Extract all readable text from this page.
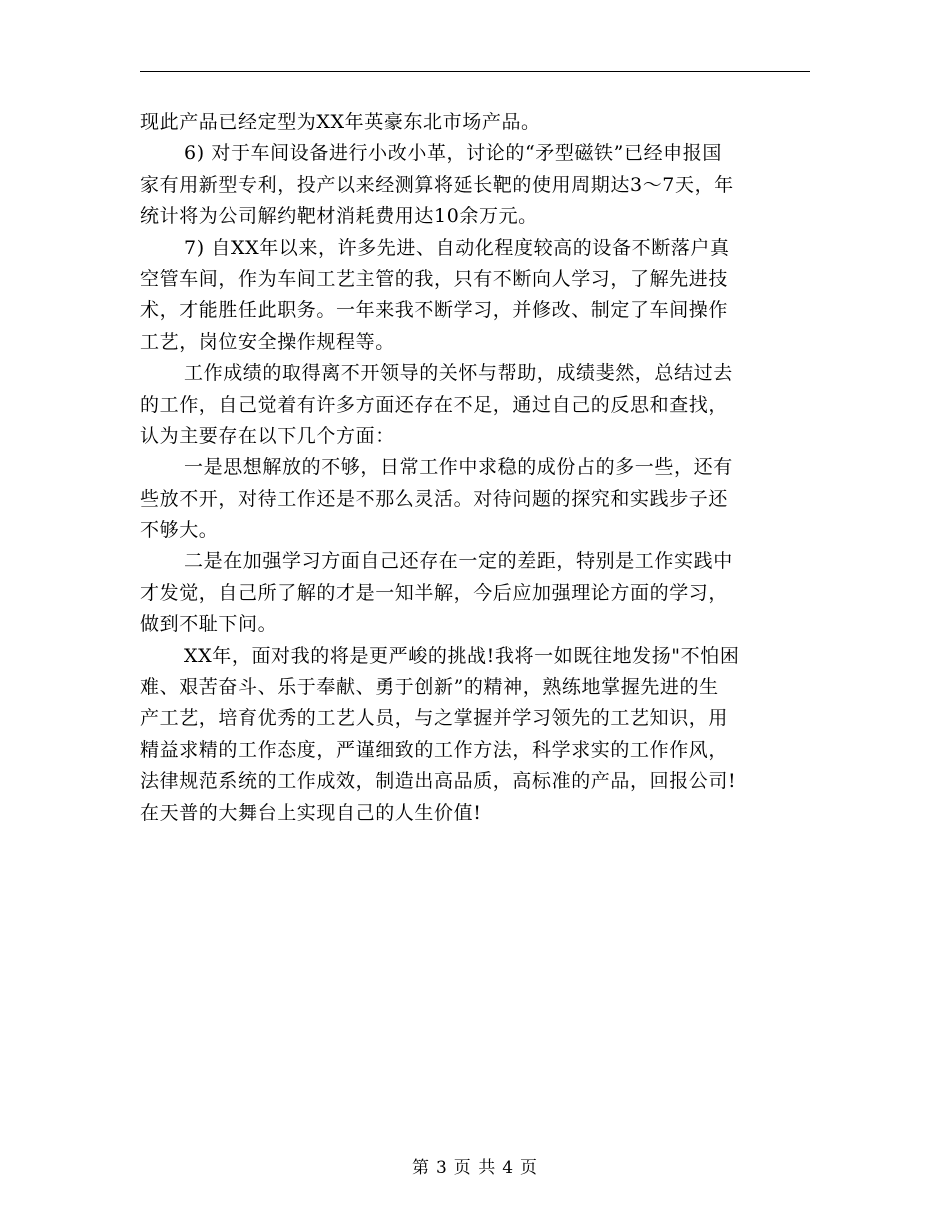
现此产品已经定型为XX年英豪东北市场产品。
6) 对于车间设备进行小改小革，讨论的“矛型磁铁”已经申报国
家有用新型专利，投产以来经测算将延长靶的使用周期达3～7天，年
统计将为公司解约靶材消耗费用达10余万元。
7) 自XX年以来，许多先进、自动化程度较高的设备不断落户真
空管车间，作为车间工艺主管的我，只有不断向人学习，了解先进技
术，才能胜任此职务。一年来我不断学习，并修改、制定了车间操作
工艺，岗位安全操作规程等。
工作成绩的取得离不开领导的关怀与帮助，成绩斐然，总结过去
的工作，自己觉着有许多方面还存在不足，通过自己的反思和查找，
认为主要存在以下几个方面：
一是思想解放的不够，日常工作中求稳的成份占的多一些，还有
些放不开，对待工作还是不那么灵活。对待问题的探究和实践步子还
不够大。
二是在加强学习方面自己还存在一定的差距，特别是工作实践中
才发觉，自己所了解的才是一知半解，今后应加强理论方面的学习，
做到不耻下问。
XX年，面对我的将是更严峻的挑战!我将一如既往地发扬"不怕困
难、艰苦奋斗、乐于奉献、勇于创新”的精神，熟练地掌握先进的生
产工艺，培育优秀的工艺人员，与之掌握并学习领先的工艺知识，用
精益求精的工作态度，严谨细致的工作方法，科学求实的工作作风，
法律规范系统的工作成效，制造出高品质，高标准的产品，回报公司!
在天普的大舞台上实现自己的人生价值!
第 3 页 共 4 页
